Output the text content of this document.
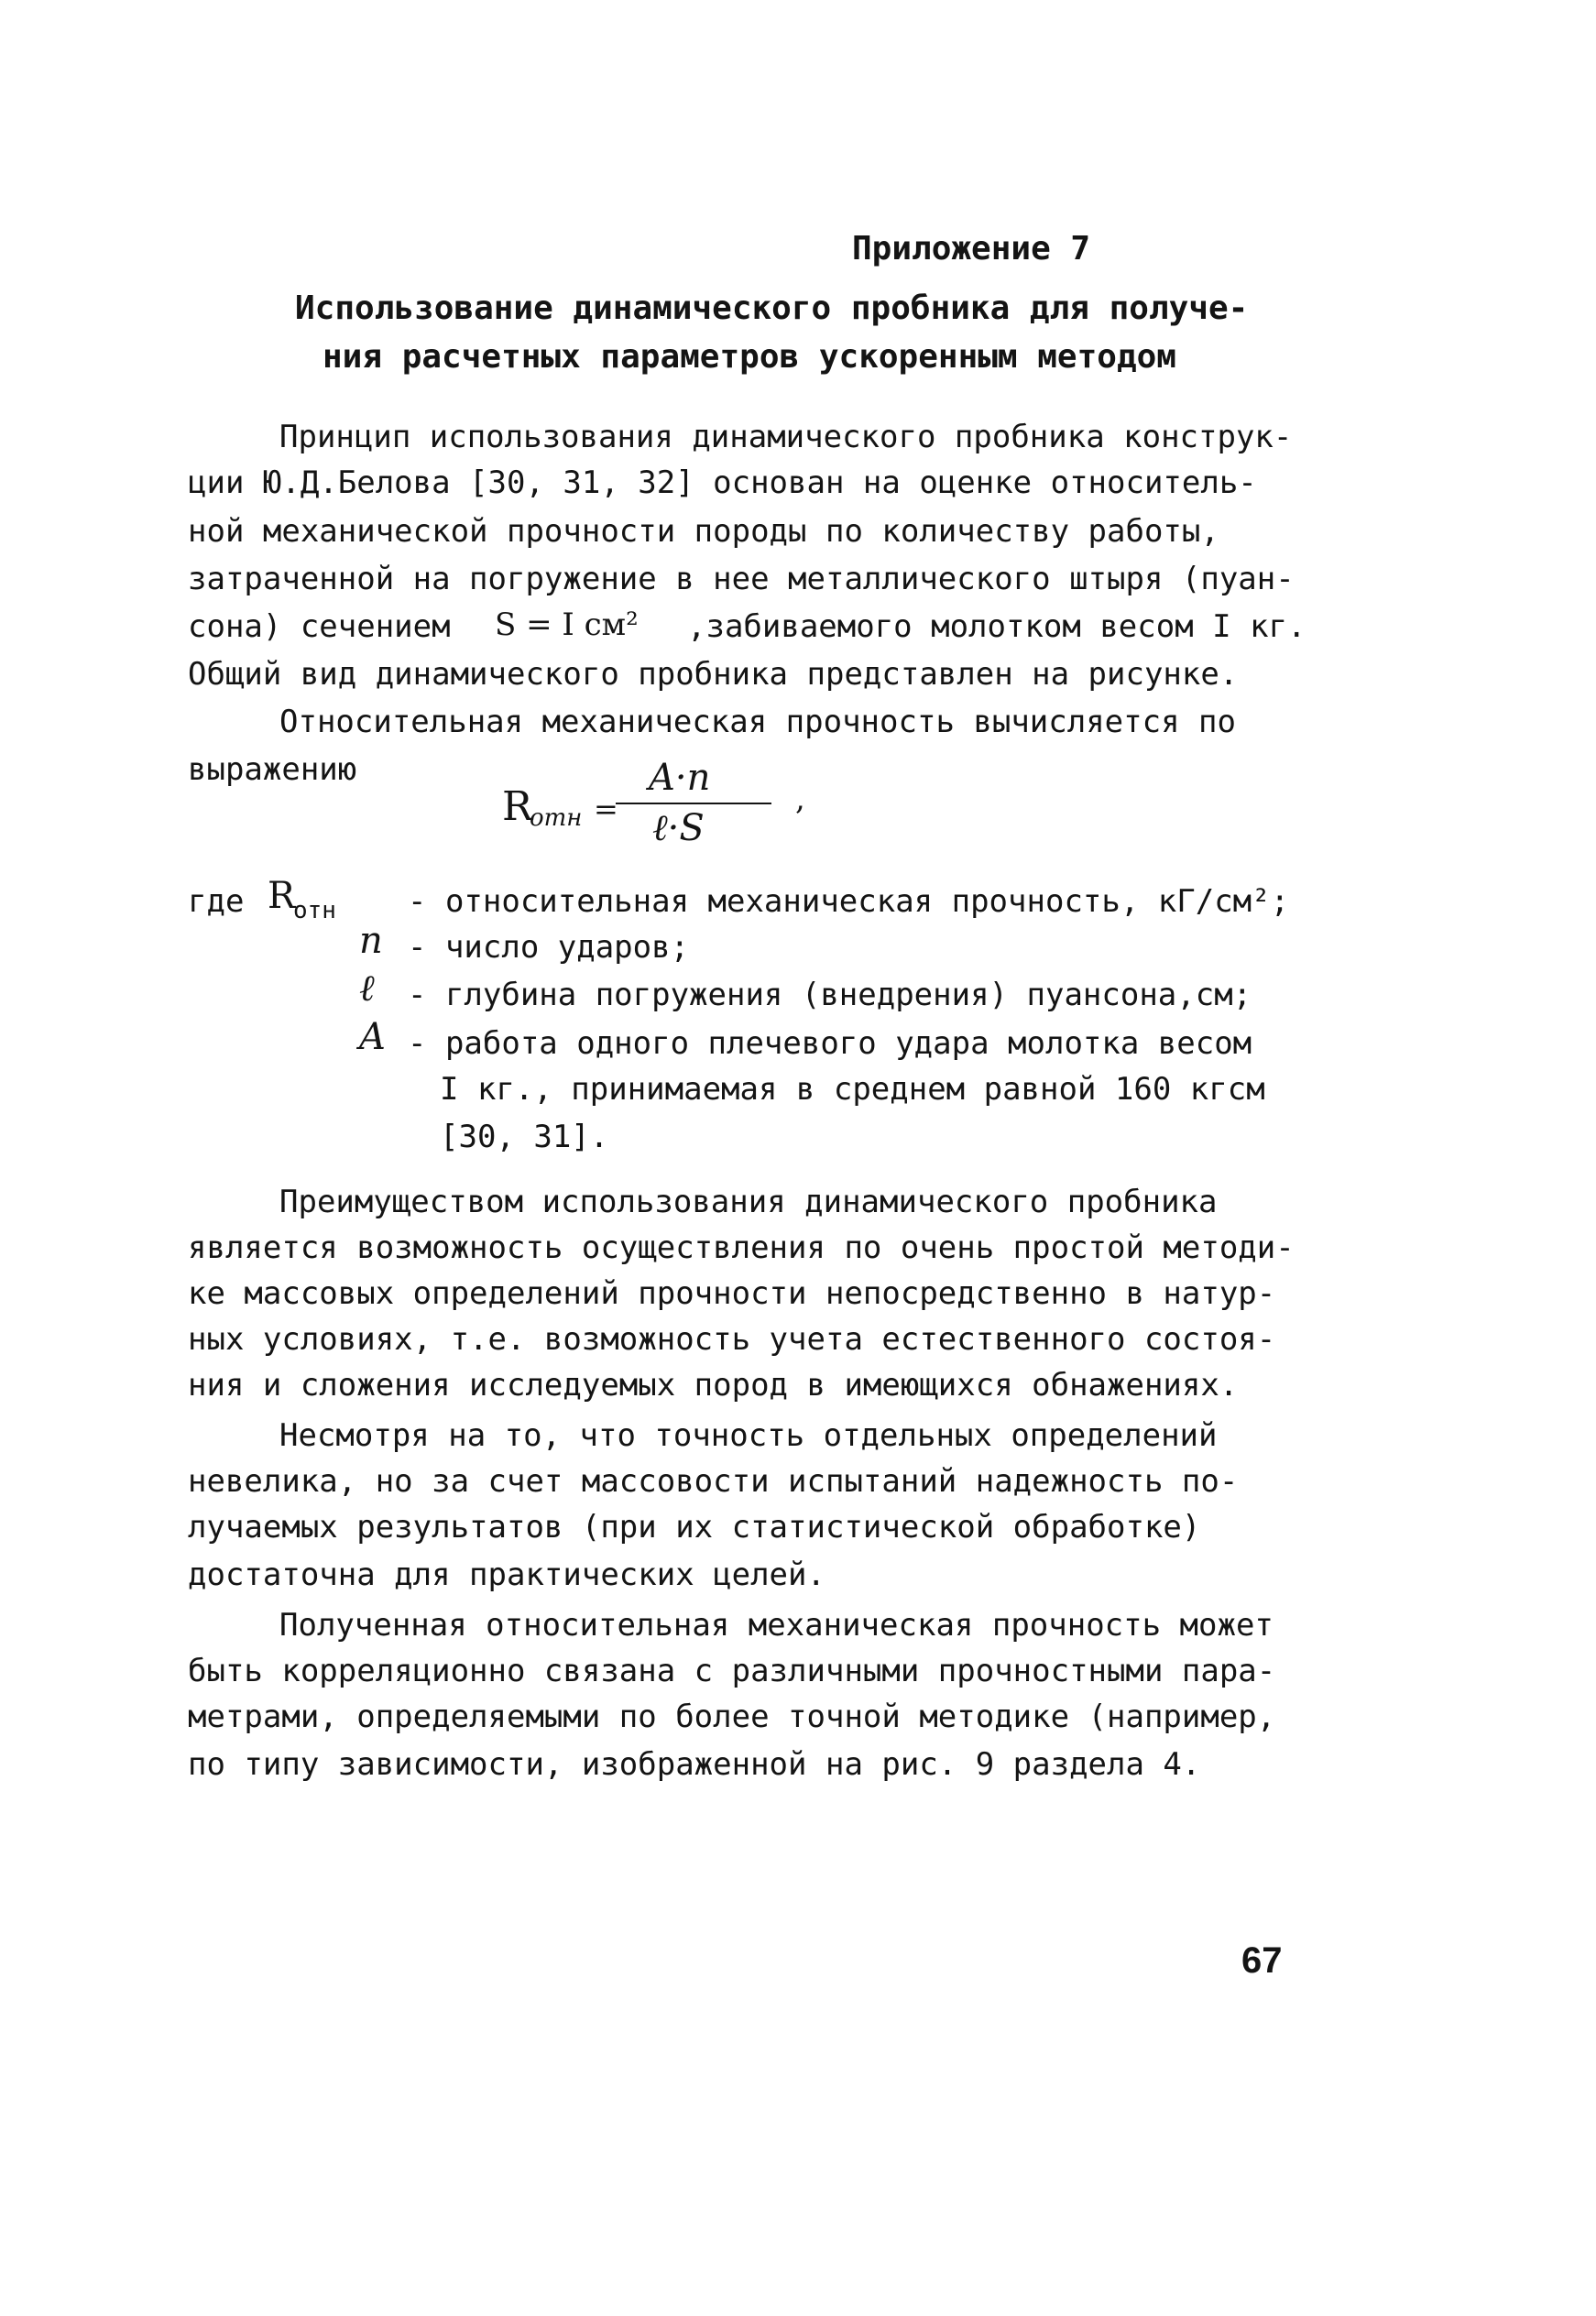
Приложение 7
Использование динамического пробника для получе-
ния расчетных параметров ускоренным методом
Принцип использования динамического пробника конструк-
ции Ю.Д.Белова [30, 31, 32] основан на оценке относитель-
ной механической прочности породы по количеству работы,
затраченной на погружение в нее металлического штыря (пуан-
сона) сечением S = I см² ,забиваемого молотком весом I кг.
Общий вид динамического пробника представлен на рисунке.
Относительная механическая прочность вычисляется по
выражению
R
отн =
A·n
ℓ·S
,
где R
отн - относительная механическая прочность, кГ/см²;
n - число ударов;
ℓ - глубина погружения (внедрения) пуансона,см;
A - работа одного плечевого удара молотка весом
I кг., принимаемая в среднем равной 160 кгсм
[30, 31].
Преимуществом использования динамического пробника
является возможность осуществления по очень простой методи-
ке массовых определений прочности непосредственно в натур-
ных условиях, т.е. возможность учета естественного состоя-
ния и сложения исследуемых пород в имеющихся обнажениях.
Несмотря на то, что точность отдельных определений
невелика, но за счет массовости испытаний надежность по-
лучаемых результатов (при их статистической обработке)
достаточна для практических целей.
Полученная относительная механическая прочность может
быть корреляционно связана с различными прочностными пара-
метрами, определяемыми по более точной методике (например,
по типу зависимости, изображенной на рис. 9 раздела 4.
67
